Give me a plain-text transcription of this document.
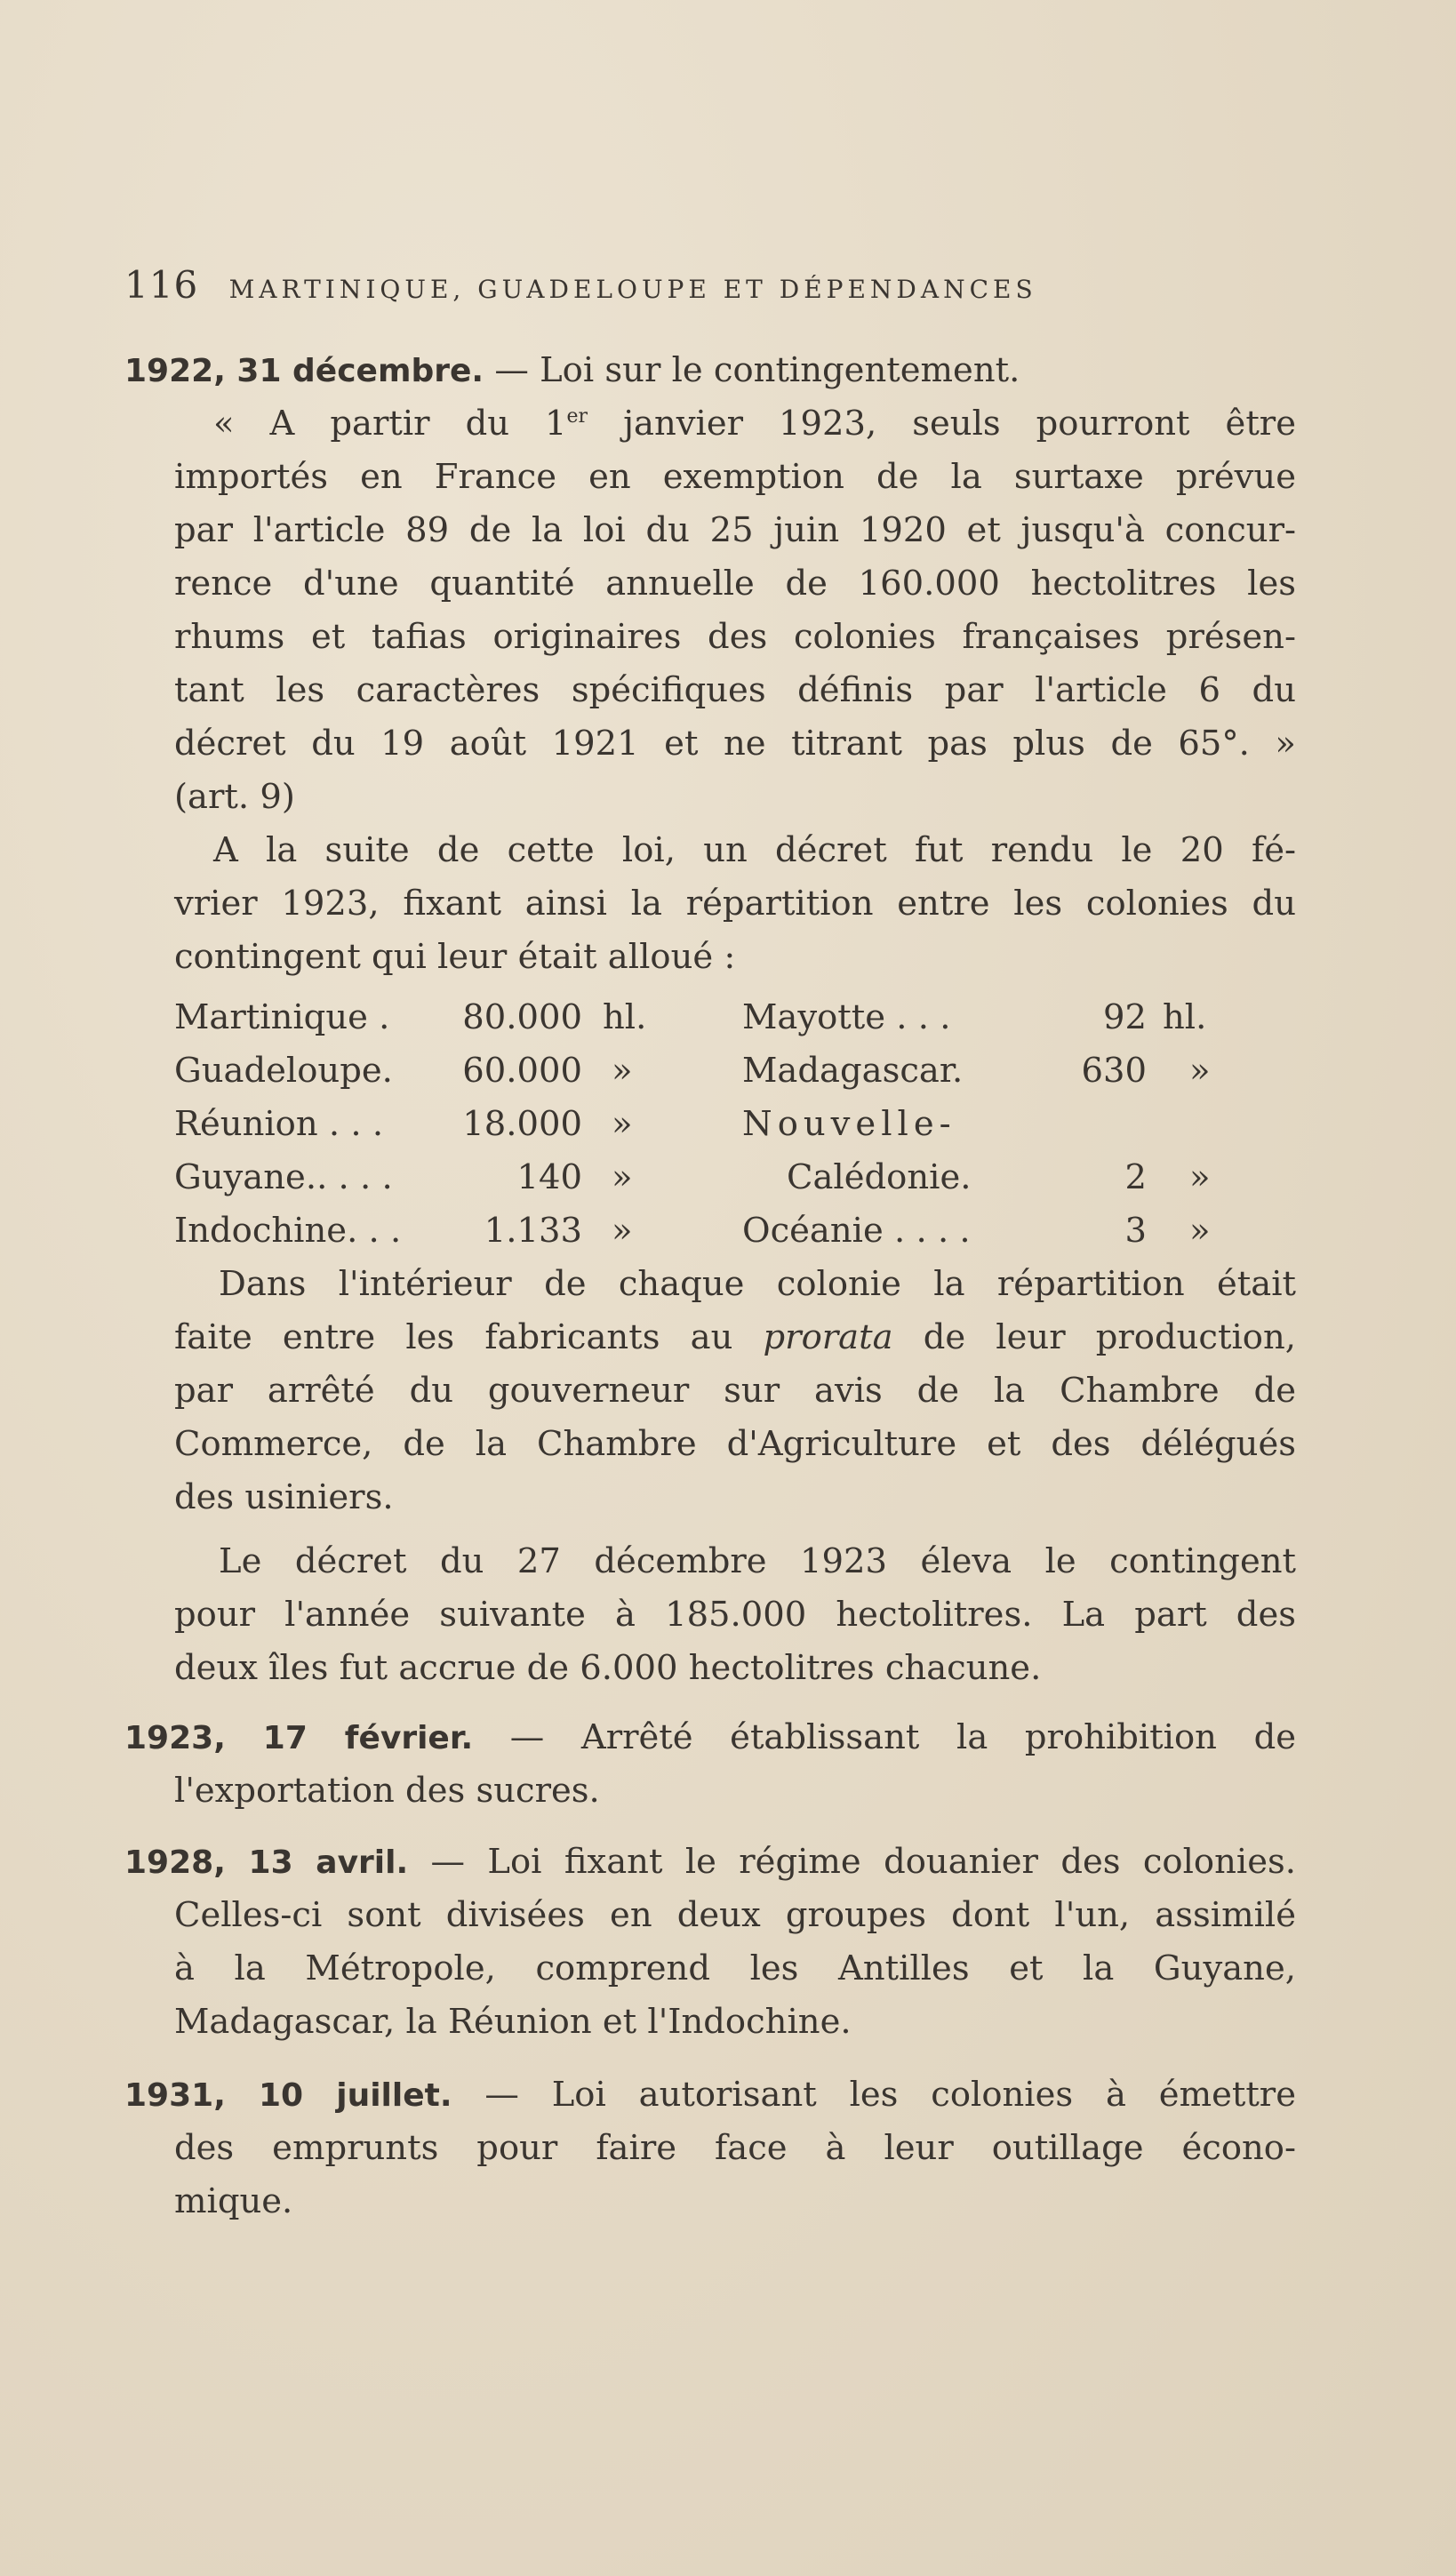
116 MARTINIQUE, GUADELOUPE ET DÉPENDANCES
1922, 31 décembre. — Loi sur le contingentement.
« A partir du 1er janvier 1923, seuls pourront être
importés en France en exemption de la surtaxe prévue
par l'article 89 de la loi du 25 juin 1920 et jusqu'à concur-
rence d'une quantité annuelle de 160.000 hectolitres les
rhums et tafias originaires des colonies françaises présen-
tant les caractères spécifiques définis par l'article 6 du
décret du 19 août 1921 et ne titrant pas plus de 65°. »
(art. 9)
A la suite de cette loi, un décret fut rendu le 20 fé-
vrier 1923, fixant ainsi la répartition entre les colonies du
contingent qui leur était alloué :
Martinique .	80.000 hl.	Mayotte . . .	92 hl.
Guadeloupe.	60.000 »	Madagascar.	630 »
Réunion . . .	18.000 »	Nouvelle-
Guyane.. . . .	140 »	Calédonie.	2 »
Indochine. . .	1.133 »	Océanie . . . .	3 »
Dans l'intérieur de chaque colonie la répartition était
faite entre les fabricants au prorata de leur production,
par arrêté du gouverneur sur avis de la Chambre de
Commerce, de la Chambre d'Agriculture et des délégués
des usiniers.
Le décret du 27 décembre 1923 éleva le contingent
pour l'année suivante à 185.000 hectolitres. La part des
deux îles fut accrue de 6.000 hectolitres chacune.
1923, 17 février. — Arrêté établissant la prohibition de
l'exportation des sucres.
1928, 13 avril. — Loi fixant le régime douanier des colonies.
Celles-ci sont divisées en deux groupes dont l'un, assimilé
à la Métropole, comprend les Antilles et la Guyane,
Madagascar, la Réunion et l'Indochine.
1931, 10 juillet. — Loi autorisant les colonies à émettre
des emprunts pour faire face à leur outillage écono-
mique.
